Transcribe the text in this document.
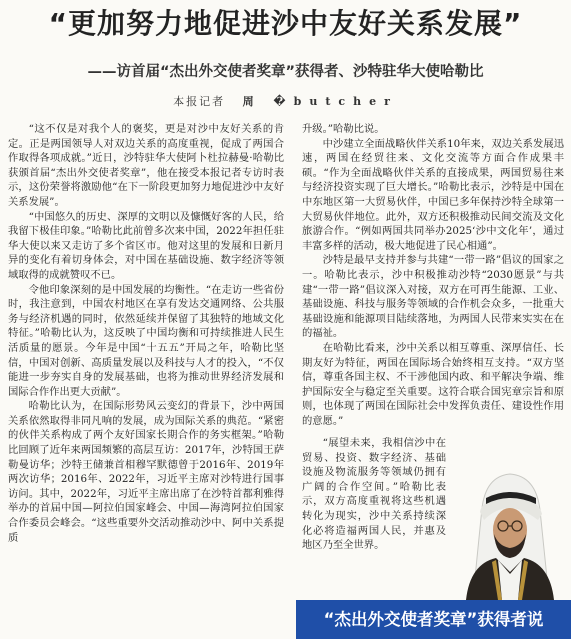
“更加努力地促进沙中友好关系发展”
——访首届“杰出外交使者奖章”获得者、沙特驻华大使哈勒比
本报记者 周 �butcher

“这不仅是对我个人的褒奖，更是对沙中友好关系的肯定。正是两国领导人对双边关系的高度重视，促成了两国合作取得各项成就。”近日，沙特驻华大使阿卜杜拉赫曼·哈勒比获颁首届“杰出外交使者奖章”，他在接受本报记者专访时表示，这份荣誉将激励他“在下一阶段更加努力地促进沙中友好关系发展”。

“中国悠久的历史、深厚的文明以及慷慨好客的人民，给我留下极佳印象。”哈勒比此前曾多次来中国，2022年担任驻华大使以来又走访了多个省区市。他对这里的发展和日新月异的变化有着切身体会，对中国在基础设施、数字经济等领域取得的成就赞叹不已。

令他印象深刻的是中国发展的均衡性。“在走访一些省份时，我注意到，中国农村地区在享有发达交通网络、公共服务与经济机遇的同时，依然延续并保留了其独特的地域文化特征。”哈勒比认为，这反映了中国均衡和可持续推进人民生活质量的愿景。今年是中国“十五五”开局之年，哈勒比坚信，中国对创新、高质量发展以及科技与人才的投入，“不仅能进一步夯实自身的发展基础，也将为推动世界经济发展和国际合作作出更大贡献”。

哈勒比认为，在国际形势风云变幻的背景下，沙中两国关系依然取得非同凡响的发展，成为国际关系的典范。“紧密的伙伴关系构成了两个友好国家长期合作的务实框架。”哈勒比回顾了近年来两国频繁的高层互访：2017年，沙特国王萨勒曼访华；沙特王储兼首相穆罕默德曾于2016年、2019年两次访华；2016年、2022年，习近平主席对沙特进行国事访问。其中，2022年，习近平主席出席了在沙特首都利雅得举办的首届中国—阿拉伯国家峰会、中国—海湾阿拉伯国家合作委员会峰会。“这些重要外交活动推动沙中、阿中关系提质

升级。”哈勒比说。

中沙建立全面战略伙伴关系10年来，双边关系发展迅速，两国在经贸往来、文化交流等方面合作成果丰硕。“作为全面战略伙伴关系的直接成果，两国贸易往来与经济投资实现了巨大增长。”哈勒比表示，沙特是中国在中东地区第一大贸易伙伴，中国已多年保持沙特全球第一大贸易伙伴地位。此外，双方还积极推动民间交流及文化旅游合作。“例如两国共同举办2025‘沙中文化年’，通过丰富多样的活动，极大地促进了民心相通”。

沙特是最早支持并参与共建“一带一路”倡议的国家之一。哈勒比表示，沙中积极推动沙特“2030愿景”与共建“一带一路”倡议深入对接，双方在可再生能源、工业、基础设施、科技与服务等领域的合作机会众多，一批重大基础设施和能源项目陆续落地，为两国人民带来实实在在的福祉。

在哈勒比看来，沙中关系以相互尊重、深厚信任、长期友好为特征，两国在国际场合始终相互支持。“双方坚信，尊重各国主权、不干涉他国内政、和平解决争端、维护国际安全与稳定至关重要。这符合联合国宪章宗旨和原则，也体现了两国在国际社会中发挥负责任、建设性作用的意愿。”

“展望未来，我相信沙中在贸易、投资、数字经济、基础设施及物流服务等领域仍拥有广阔的合作空间。”哈勒比表示，双方高度重视将这些机遇转化为现实，沙中关系持续深化必将造福两国人民，并惠及地区乃至全世界。

“杰出外交使者奖章”获得者说
